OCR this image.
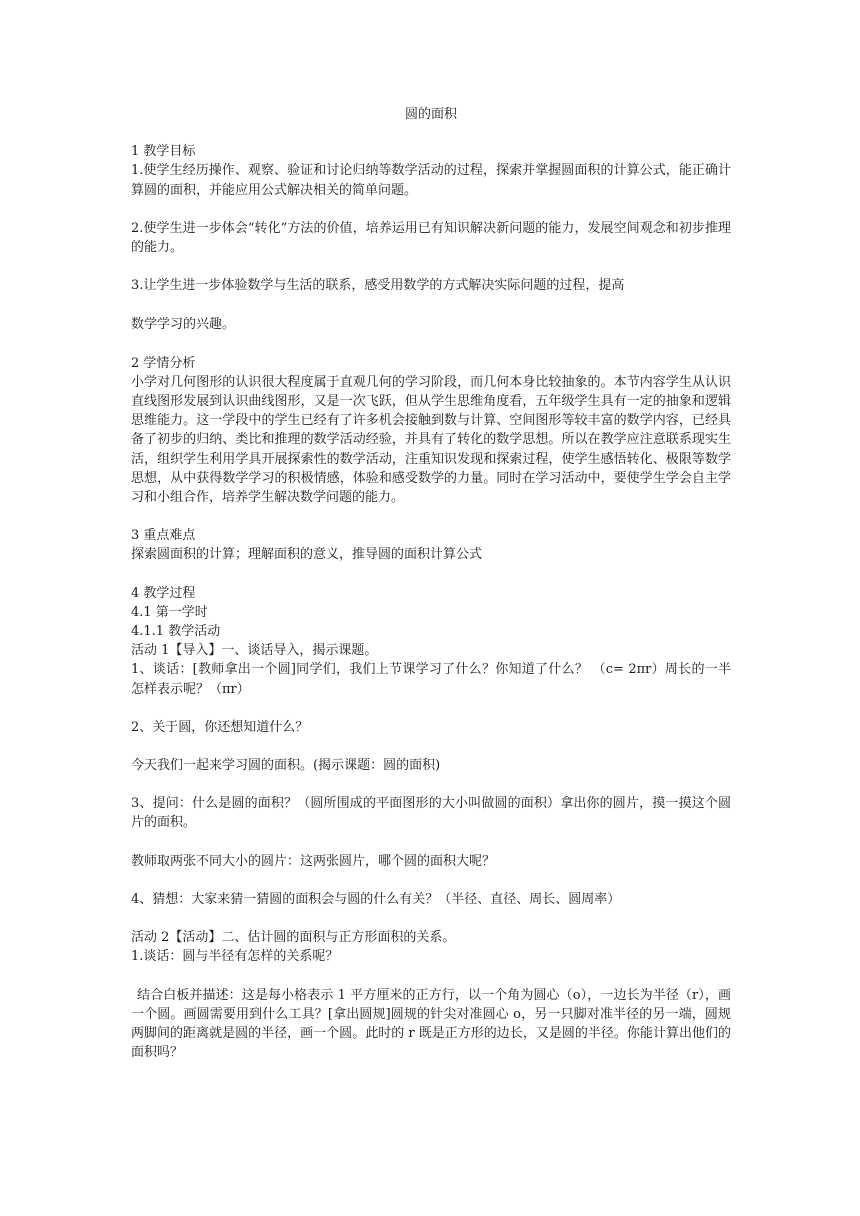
圆的面积
1 教学目标

1.使学生经历操作、观察、验证和讨论归纳等数学活动的过程，探索并掌握圆面积的计算公式，能正确计算圆的面积，并能应用公式解决相关的简单问题。

2.使学生进一步体会“转化”方法的价值，培养运用已有知识解决新问题的能力，发展空间观念和初步推理的能力。

3.让学生进一步体验数学与生活的联系，感受用数学的方式解决实际问题的过程，提高

数学学习的兴趣。

2 学情分析

小学对几何图形的认识很大程度属于直观几何的学习阶段，而几何本身比较抽象的。本节内容学生从认识直线图形发展到认识曲线图形，又是一次飞跃，但从学生思维角度看，五年级学生具有一定的抽象和逻辑思维能力。这一学段中的学生已经有了许多机会接触到数与计算、空间图形等较丰富的数学内容，已经具备了初步的归纳、类比和推理的数学活动经验，并具有了转化的数学思想。所以在教学应注意联系现实生活，组织学生利用学具开展探索性的数学活动，注重知识发现和探索过程，使学生感悟转化、极限等数学思想，从中获得数学学习的积极情感，体验和感受数学的力量。同时在学习活动中，要使学生学会自主学习和小组合作，培养学生解决数学问题的能力。

3 重点难点

探索圆面积的计算；理解面积的意义，推导圆的面积计算公式

4 教学过程
4.1 第一学时
4.1.1 教学活动
活动 1【导入】一、谈话导入，揭示课题。

1、谈话：[教师拿出一个圆]同学们，我们上节课学习了什么？你知道了什么？ （c= 2πr）周长的一半怎样表示呢？（πr）

2、关于圆，你还想知道什么？

今天我们一起来学习圆的面积。(揭示课题：圆的面积)

3、提问：什么是圆的面积？（圆所围成的平面图形的大小叫做圆的面积）拿出你的圆片，摸一摸这个圆片的面积。

教师取两张不同大小的圆片：这两张圆片，哪个圆的面积大呢？

4、猜想：大家来猜一猜圆的面积会与圆的什么有关？（半径、直径、周长、圆周率）

活动 2【活动】二、估计圆的面积与正方形面积的关系。

1.谈话：圆与半径有怎样的关系呢？

结合白板并描述：这是每小格表示 1 平方厘米的正方行，以一个角为圆心（o），一边长为半径（r），画一个圆。画圆需要用到什么工具？[拿出圆规]圆规的针尖对准圆心 o，另一只脚对准半径的另一端，圆规两脚间的距离就是圆的半径，画一个圆。此时的 r 既是正方形的边长，又是圆的半径。你能计算出他们的面积吗？
